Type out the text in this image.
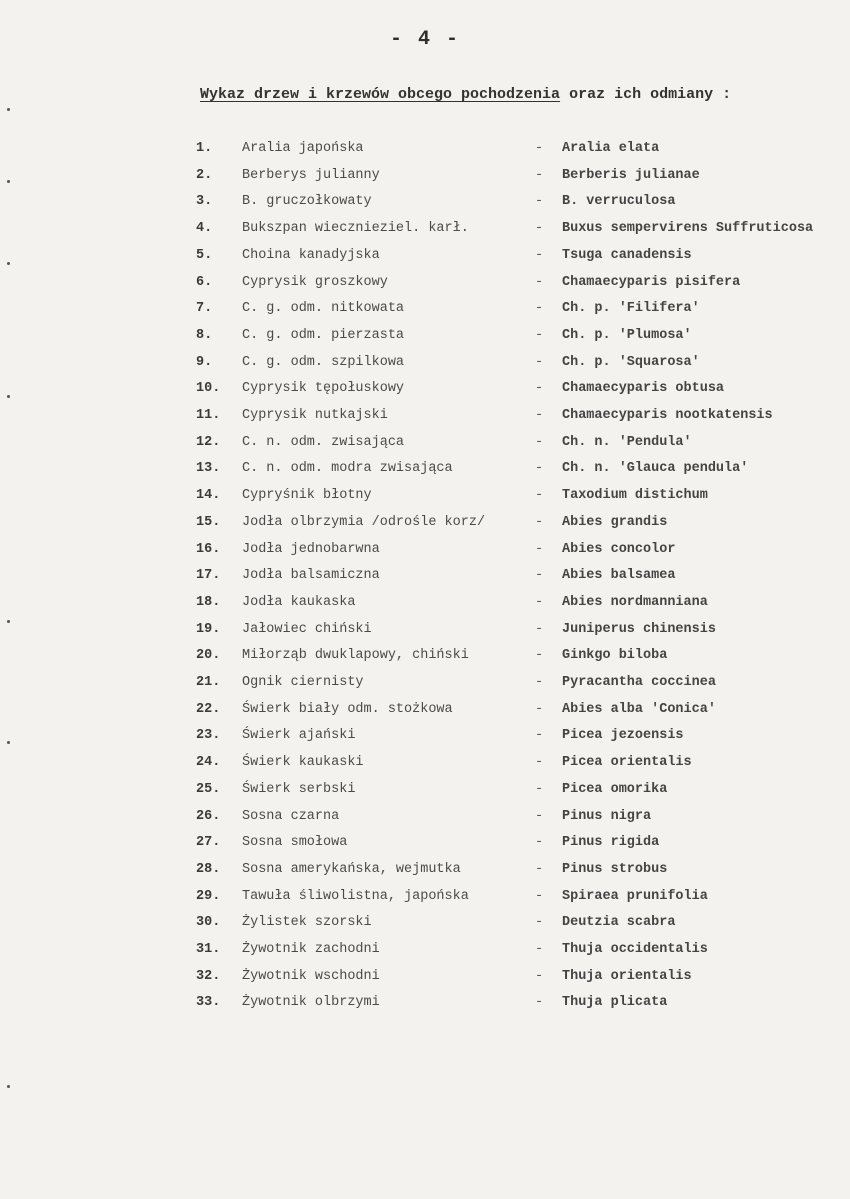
- 4 -
Wykaz drzew i krzewów obcego pochodzenia oraz ich odmiany :
1.	Aralia japońska	- Aralia elata
2.	Berberys julianny	- Berberis julianae
3.	B. gruczołkowaty	- B. verruculosa
4.	Bukszpan wiecznieziel. karł.	- Buxus sempervirens Suffruticosa
5.	Choina kanadyjska	- Tsuga canadensis
6.	Cyprysik groszkowy	- Chamaecyparis pisifera
7.	C. g. odm. nitkowata	- Ch. p. 'Filifera'
8.	C. g. odm. pierzasta	- Ch. p. 'Plumosa'
9.	C. g. odm. szpilkowa	- Ch. p. 'Squarosa'
10.	Cyprysik tępołuskowy	- Chamaecyparis obtusa
11.	Cyprysik nutkajski	- Chamaecyparis nootkatensis
12.	C. n. odm. zwisająca	- Ch. n. 'Pendula'
13.	C. n. odm. modra zwisająca	- Ch. n. 'Glauca pendula'
14.	Cypryśnik błotny	- Taxodium distichum
15.	Jodła olbrzymia /odrośle korz/	- Abies grandis
16.	Jodła jednobarwna	- Abies concolor
17.	Jodła balsamiczna	- Abies balsamea
18.	Jodła kaukaska	- Abies nordmanniana
19.	Jałowiec chiński	- Juniperus chinensis
20.	Miłorząb dwuklapowy, chiński	- Ginkgo biloba
21.	Ognik ciernisty	- Pyracantha coccinea
22.	Świerk biały odm. stożkowa	- Abies alba 'Conica'
23.	Świerk ajański	- Picea jezoensis
24.	Świerk kaukaski	- Picea orientalis
25.	Świerk serbski	- Picea omorika
26.	Sosna czarna	- Pinus nigra
27.	Sosna smołowa	- Pinus rigida
28.	Sosna amerykańska, wejmutka	- Pinus strobus
29.	Tawuła śliwolistna, japońska	- Spiraea prunifolia
30.	Żylistek szorski	- Deutzia scabra
31.	Żywotnik zachodni	- Thuja occidentalis
32.	Żywotnik wschodni	- Thuja orientalis
33.	Żywotnik olbrzymi	- Thuja plicata
